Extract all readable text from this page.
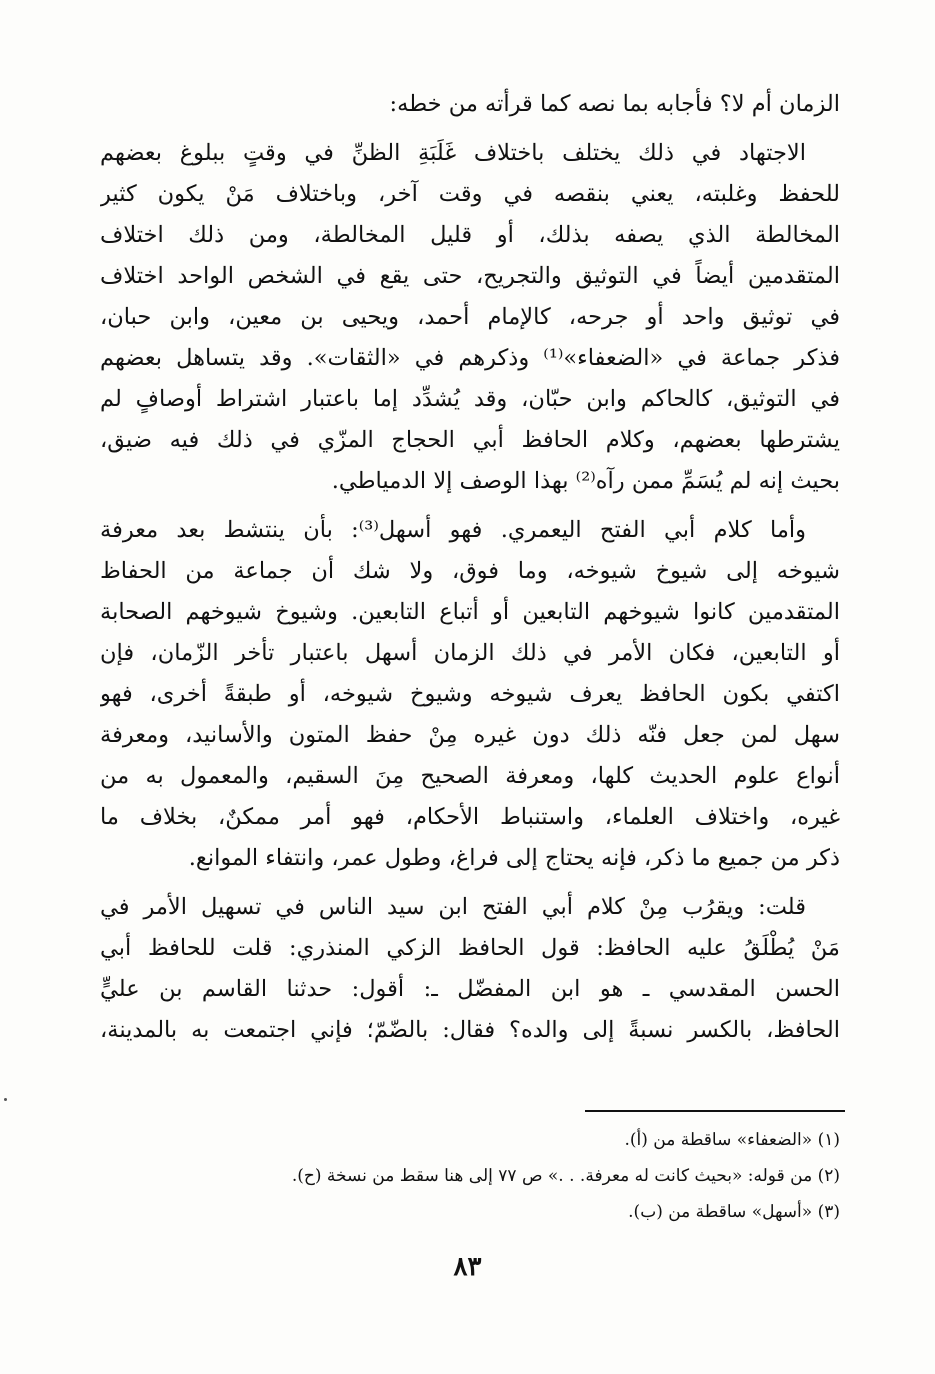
الزمان أم لا؟ فأجابه بما نصه كما قرأته من خطه:
الاجتهاد في ذلك يختلف باختلاف غَلَبَةِ الظنِّ في وقتٍ ببلوغ بعضهم
للحفظ وغلبته، يعني بنقصه في وقت آخر، وباختلاف مَنْ يكون كثير
المخالطة الذي يصفه بذلك، أو قليل المخالطة، ومن ذلك اختلاف
المتقدمين أيضاً في التوثيق والتجريح، حتى يقع في الشخص الواحد اختلاف
في توثيق واحد أو جرحه، كالإمام أحمد، ويحيى بن معين، وابن حبان،
فذكر جماعة في «الضعفاء»⁽¹⁾ وذكرهم في «الثقات». وقد يتساهل بعضهم
في التوثيق، كالحاكم وابن حبّان، وقد يُشدِّد إما باعتبار اشتراط أوصافٍ لم
يشترطها بعضهم، وكلام الحافظ أبي الحجاج المزّي في ذلك فيه ضيق،
بحيث إنه لم يُسَمِّ ممن رآه⁽²⁾ بهذا الوصف إلا الدمياطي.
وأما كلام أبي الفتح اليعمري. فهو أسهل⁽³⁾: بأن ينتشط بعد معرفة
شيوخه إلى شيوخ شيوخه، وما فوق، ولا شك أن جماعة من الحفاظ
المتقدمين كانوا شيوخهم التابعين أو أتباع التابعين. وشيوخ شيوخهم الصحابة
أو التابعين، فكان الأمر في ذلك الزمان أسهل باعتبار تأخر الزّمان، فإن
اكتفي بكون الحافظ يعرف شيوخه وشيوخ شيوخه، أو طبقةً أخرى، فهو
سهل لمن جعل فنّه ذلك دون غيره مِنْ حفظ المتون والأسانيد، ومعرفة
أنواع علوم الحديث كلها، ومعرفة الصحيح مِنَ السقيم، والمعمول به من
غيره، واختلاف العلماء، واستنباط الأحكام، فهو أمر ممكنٌ، بخلاف ما
ذكر من جميع ما ذكر، فإنه يحتاج إلى فراغ، وطول عمر، وانتفاء الموانع.
قلت: ويقرُب مِنْ كلام أبي الفتح ابن سيد الناس في تسهيل الأمر في
مَنْ يُطْلَقُ عليه الحافظ: قول الحافظ الزكي المنذري: قلت للحافظ أبي
الحسن المقدسي ـ هو ابن المفضّل ـ: أقول: حدثنا القاسم بن عليٍّ
الحافظ، بالكسر نسبةً إلى والده؟ فقال: بالضّمّ؛ فإني اجتمعت به بالمدينة،
(١) «الضعفاء» ساقطة من (أ).
(٢) من قوله: «بحيث كانت له معرفة. . .» ص ٧٧ إلى هنا سقط من نسخة (ح).
(٣) «أسهل» ساقطة من (ب).
٨٣
